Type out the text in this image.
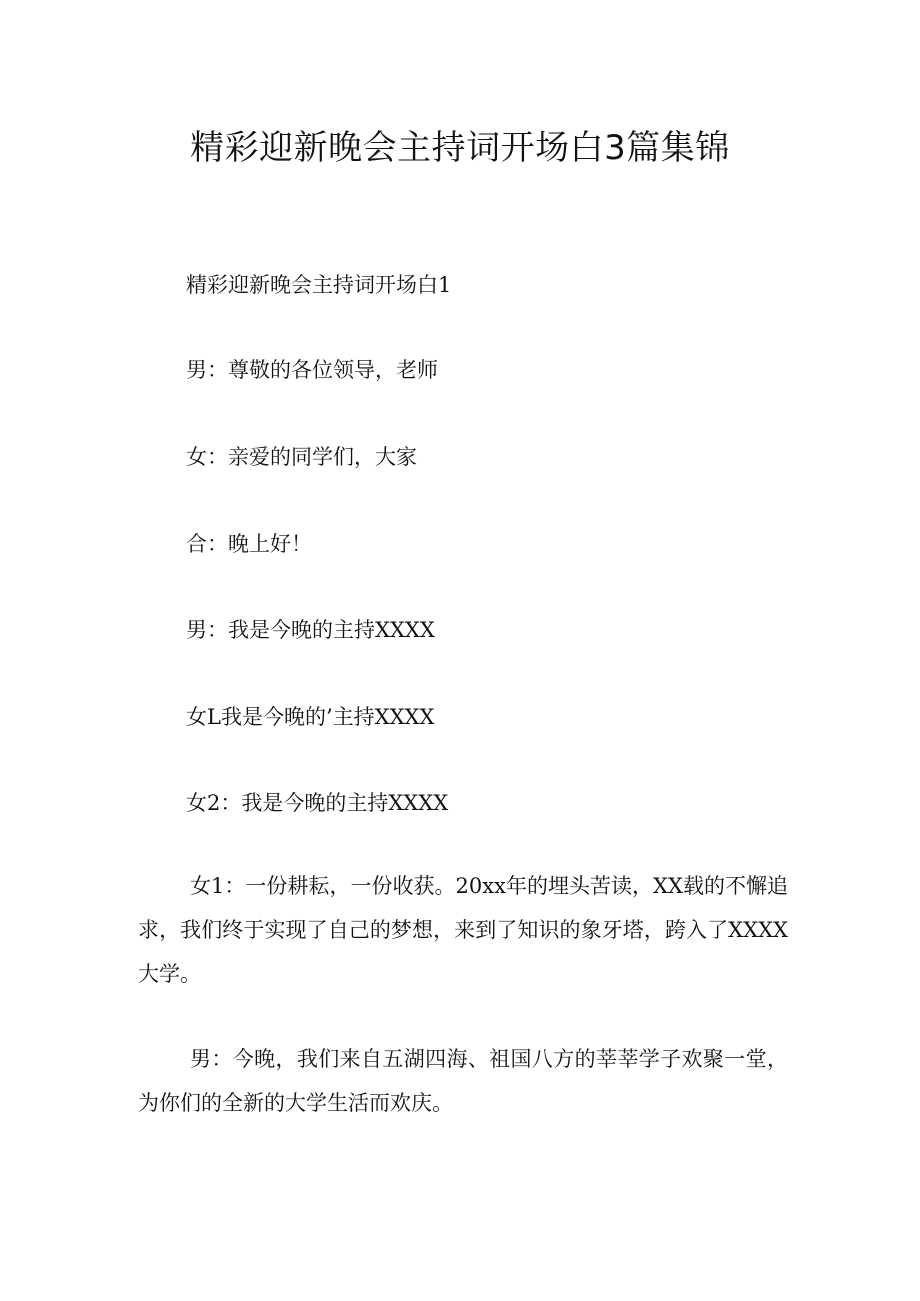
精彩迎新晚会主持词开场白3篇集锦

精彩迎新晚会主持词开场白1

男：尊敬的各位领导，老师

女：亲爱的同学们，大家

合：晚上好！

男：我是今晚的主持XXXX

女L我是今晚的’主持XXXX

女2：我是今晚的主持XXXX

女1：一份耕耘，一份收获。20xx年的埋头苦读，XX载的不懈追求，我们终于实现了自己的梦想，来到了知识的象牙塔，跨入了XXXX大学。

男：今晚，我们来自五湖四海、祖国八方的莘莘学子欢聚一堂，为你们的全新的大学生活而欢庆。
